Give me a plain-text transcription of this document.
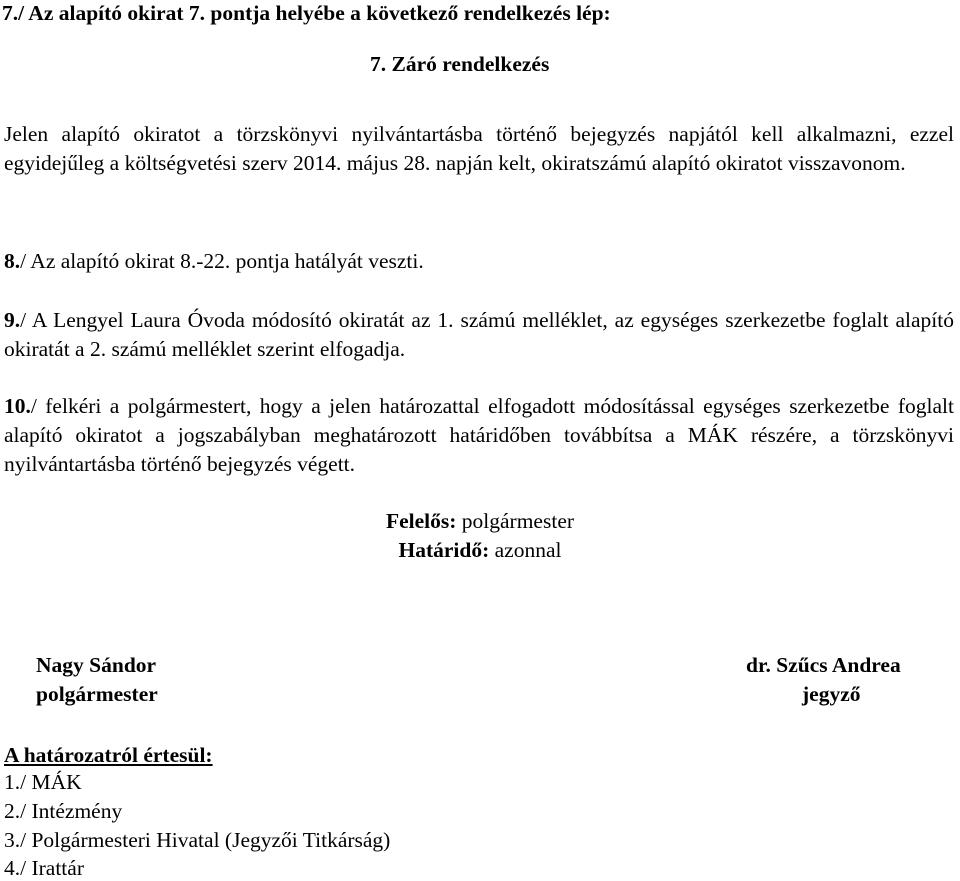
7./ Az alapító okirat 7. pontja helyébe a következő rendelkezés lép:
7. Záró rendelkezés
Jelen alapító okiratot a törzskönyvi nyilvántartásba történő bejegyzés napjától kell alkalmazni, ezzel egyidejűleg a költségvetési szerv 2014. május 28. napján kelt, okiratszámú alapító okiratot visszavonom.
8./ Az alapító okirat 8.-22. pontja hatályát veszti.
9./ A Lengyel Laura Óvoda módosító okiratát az 1. számú melléklet, az egységes szerkezetbe foglalt alapító okiratát a 2. számú melléklet szerint elfogadja.
10./ felkéri a polgármestert, hogy a jelen határozattal elfogadott módosítással egységes szerkezetbe foglalt alapító okiratot a jogszabályban meghatározott határidőben továbbítsa a MÁK részére, a törzskönyvi nyilvántartásba történő bejegyzés végett.
Felelős: polgármester
Határidő: azonnal
Nagy Sándor
polgármester
dr. Szűcs Andrea
jegyző
A határozatról értesül:
1./ MÁK
2./ Intézmény
3./ Polgármesteri Hivatal (Jegyzői Titkárság)
4./ Irattár
